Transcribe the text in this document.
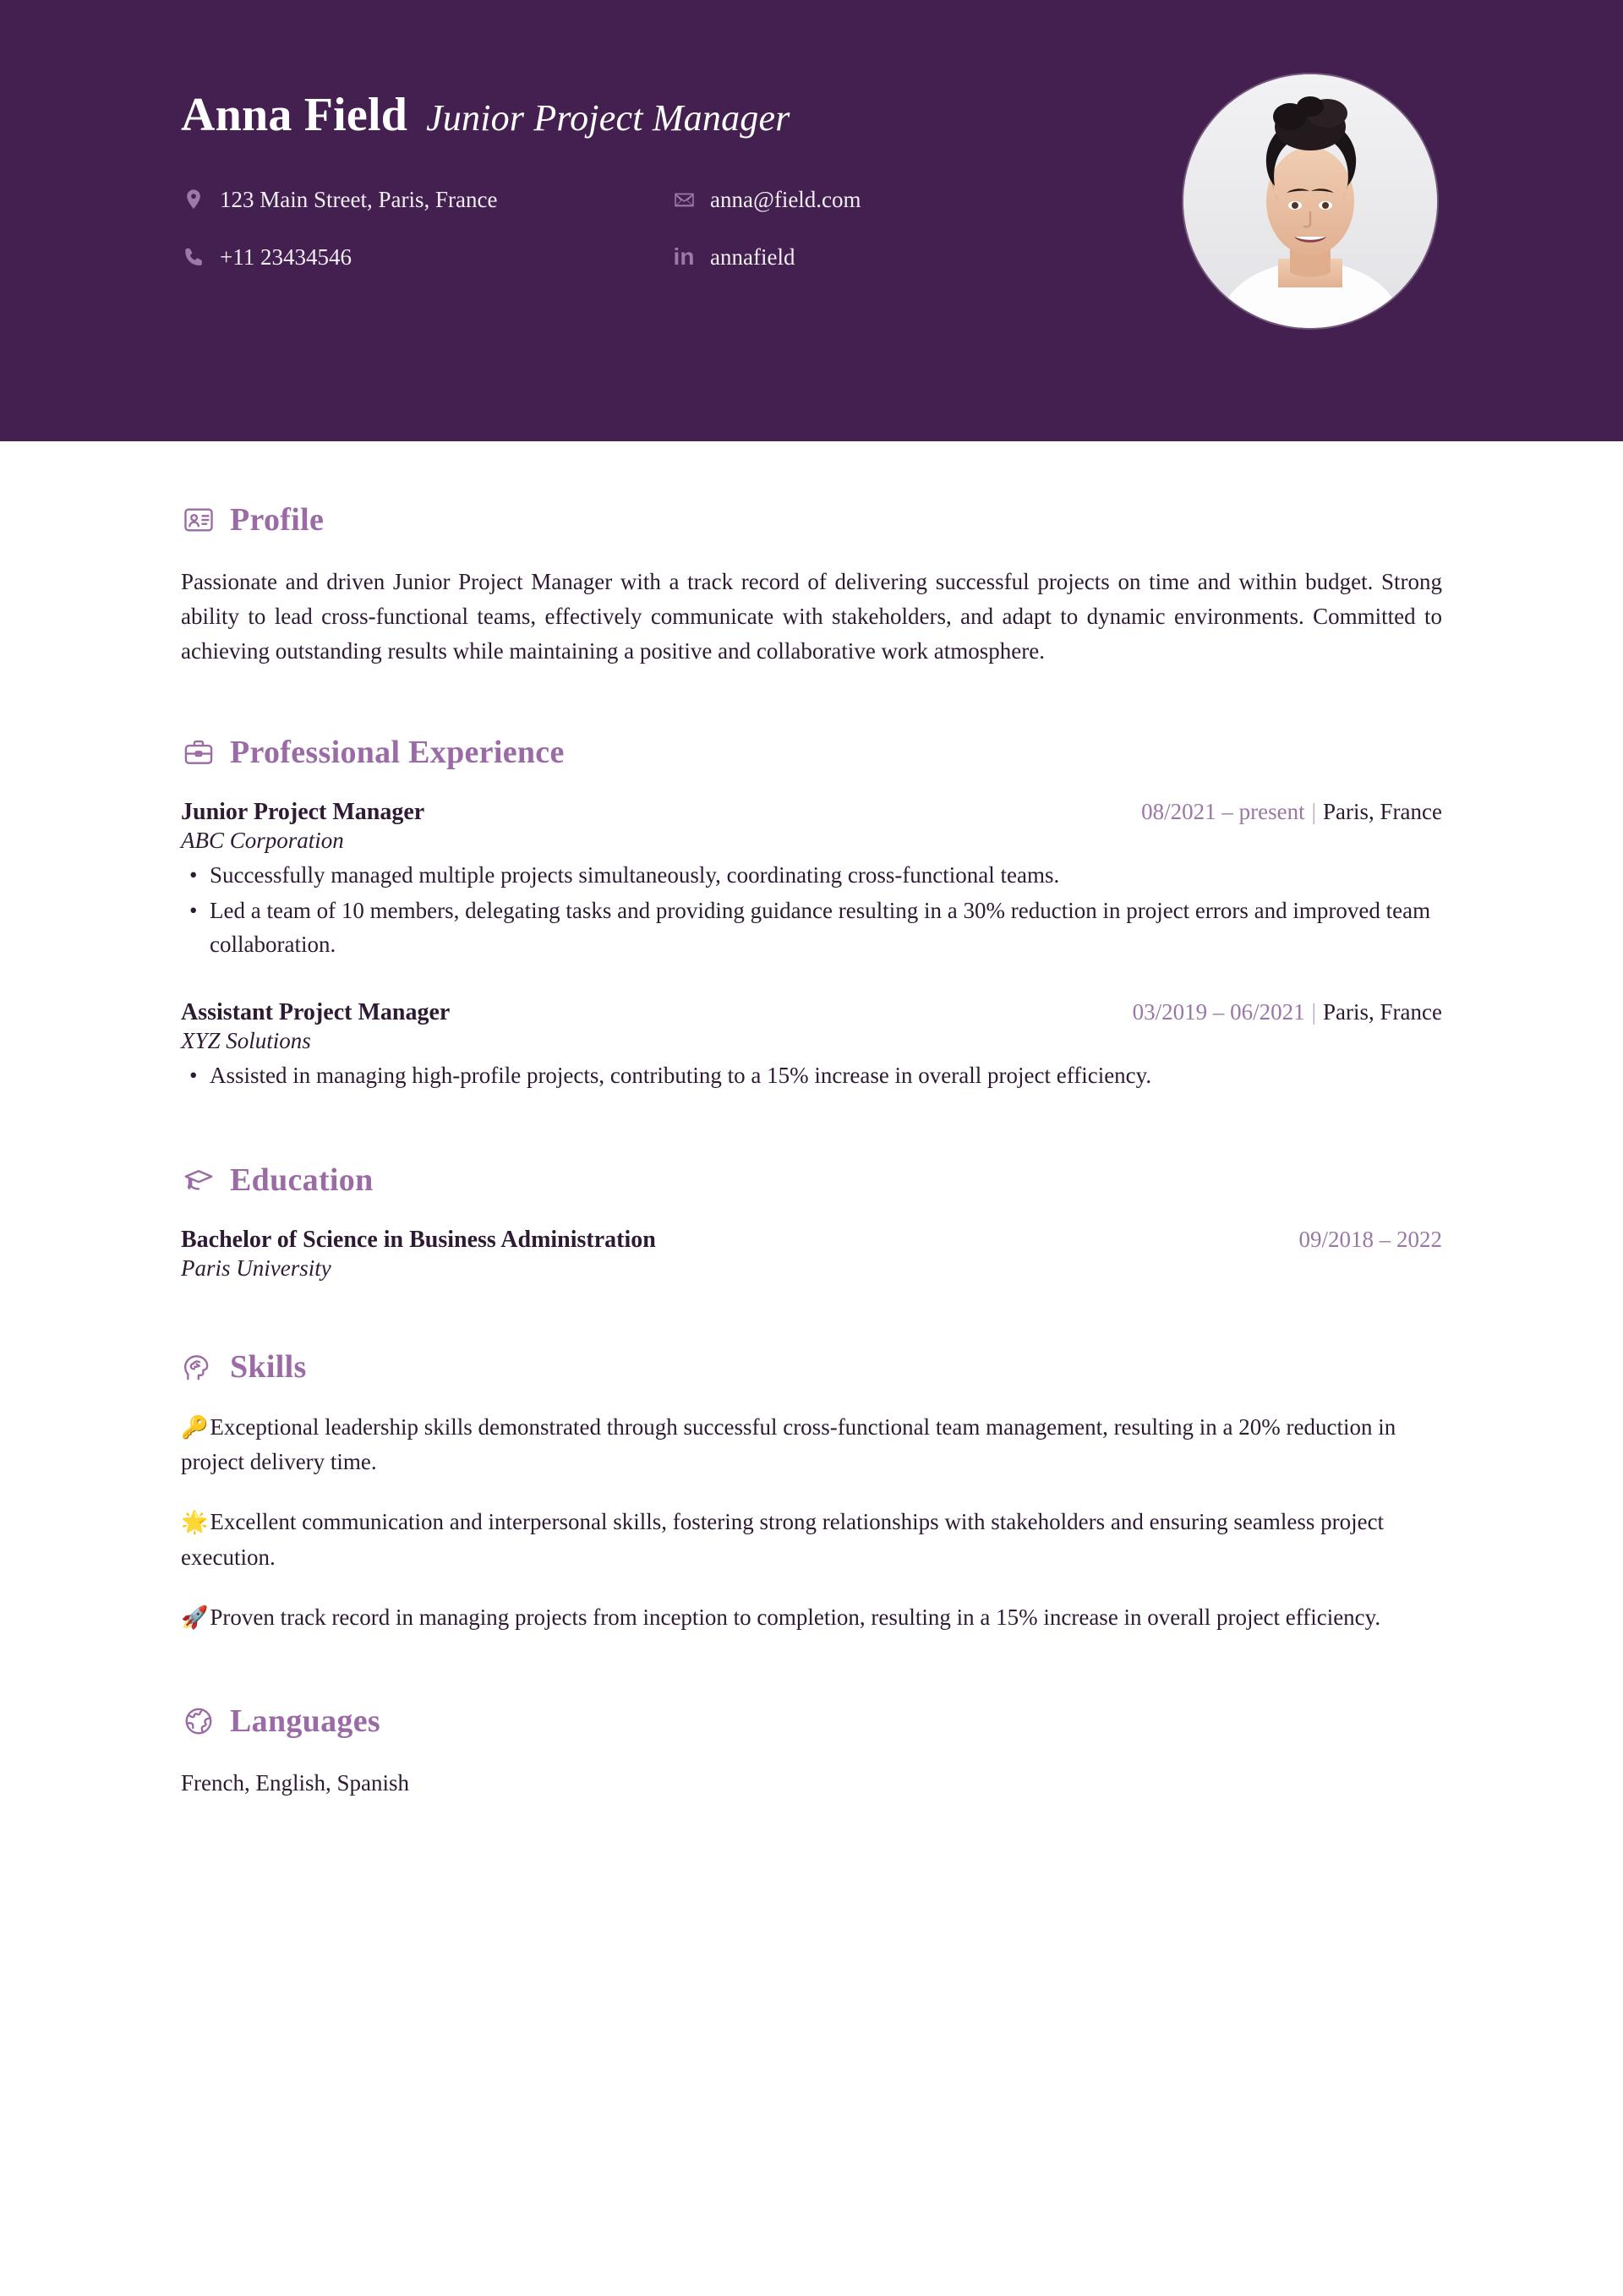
Anna Field Junior Project Manager
123 Main Street, Paris, France	anna@field.com
+11 23434546	in annafield
Profile

Passionate and driven Junior Project Manager with a track record of delivering successful projects on time and within budget. Strong ability to lead cross-functional teams, effectively communicate with stakeholders, and adapt to dynamic environments. Committed to achieving outstanding results while maintaining a positive and collaborative work atmosphere.

Professional Experience
Junior Project Manager	08/2021 – present | Paris, France
ABC Corporation
• Successfully managed multiple projects simultaneously, coordinating cross-functional teams.
• Led a team of 10 members, delegating tasks and providing guidance resulting in a 30% reduction in project errors and improved team collaboration.
Assistant Project Manager	03/2019 – 06/2021 | Paris, France
XYZ Solutions
• Assisted in managing high-profile projects, contributing to a 15% increase in overall project efficiency.
Education
Bachelor of Science in Business Administration	09/2018 – 2022
Paris University
Skills

🔑Exceptional leadership skills demonstrated through successful cross-functional team management, resulting in a 20% reduction in project delivery time.

🌟Excellent communication and interpersonal skills, fostering strong relationships with stakeholders and ensuring seamless project execution.

🚀Proven track record in managing projects from inception to completion, resulting in a 15% increase in overall project efficiency.

Languages

French, English, Spanish
